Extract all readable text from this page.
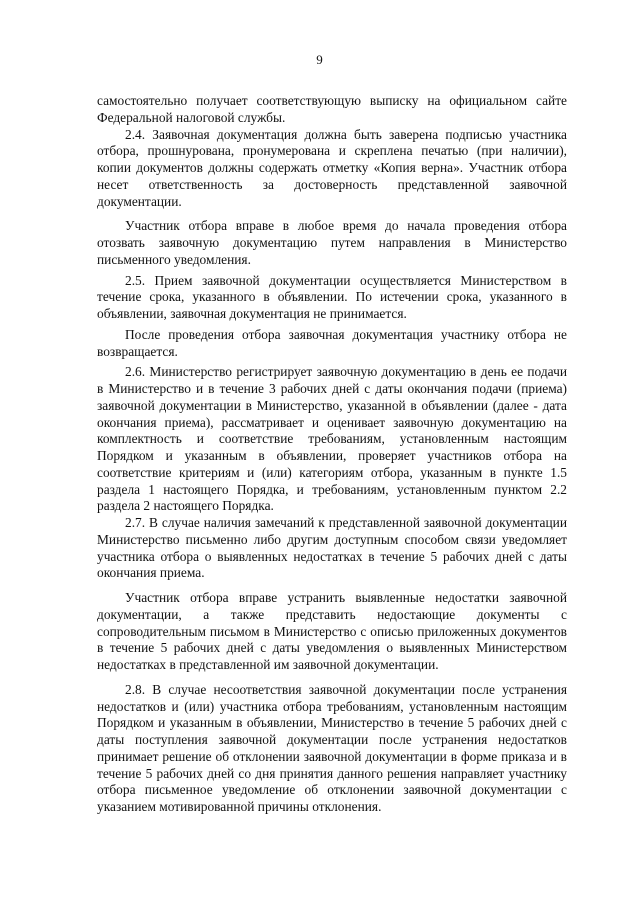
9

самостоятельно получает соответствующую выписку на официальном сайте Федеральной налоговой службы.

2.4. Заявочная документация должна быть заверена подписью участника отбора, прошнурована, пронумерована и скреплена печатью (при наличии), копии документов должны содержать отметку «Копия верна». Участник отбора несет ответственность за достоверность представленной заявочной документации.

Участник отбора вправе в любое время до начала проведения отбора отозвать заявочную документацию путем направления в Министерство письменного уведомления.

2.5. Прием заявочной документации осуществляется Министерством в течение срока, указанного в объявлении. По истечении срока, указанного в объявлении, заявочная документация не принимается.

После проведения отбора заявочная документация участнику отбора не возвращается.

2.6. Министерство регистрирует заявочную документацию в день ее подачи в Министерство и в течение 3 рабочих дней с даты окончания подачи (приема) заявочной документации в Министерство, указанной в объявлении (далее - дата окончания приема), рассматривает и оценивает заявочную документацию на комплектность и соответствие требованиям, установленным настоящим Порядком и указанным в объявлении, проверяет участников отбора на соответствие критериям и (или) категориям отбора, указанным в пункте 1.5 раздела 1 настоящего Порядка, и требованиям, установленным пунктом 2.2 раздела 2 настоящего Порядка.

2.7. В случае наличия замечаний к представленной заявочной документации Министерство письменно либо другим доступным способом связи уведомляет участника отбора о выявленных недостатках в течение 5 рабочих дней с даты окончания приема.

Участник отбора вправе устранить выявленные недостатки заявочной документации, а также представить недостающие документы с сопроводительным письмом в Министерство с описью приложенных документов в течение 5 рабочих дней с даты уведомления о выявленных Министерством недостатках в представленной им заявочной документации.

2.8. В случае несоответствия заявочной документации после устранения недостатков и (или) участника отбора требованиям, установленным настоящим Порядком и указанным в объявлении, Министерство в течение 5 рабочих дней с даты поступления заявочной документации после устранения недостатков принимает решение об отклонении заявочной документации в форме приказа и в течение 5 рабочих дней со дня принятия данного решения направляет участнику отбора письменное уведомление об отклонении заявочной документации с указанием мотивированной причины отклонения.
